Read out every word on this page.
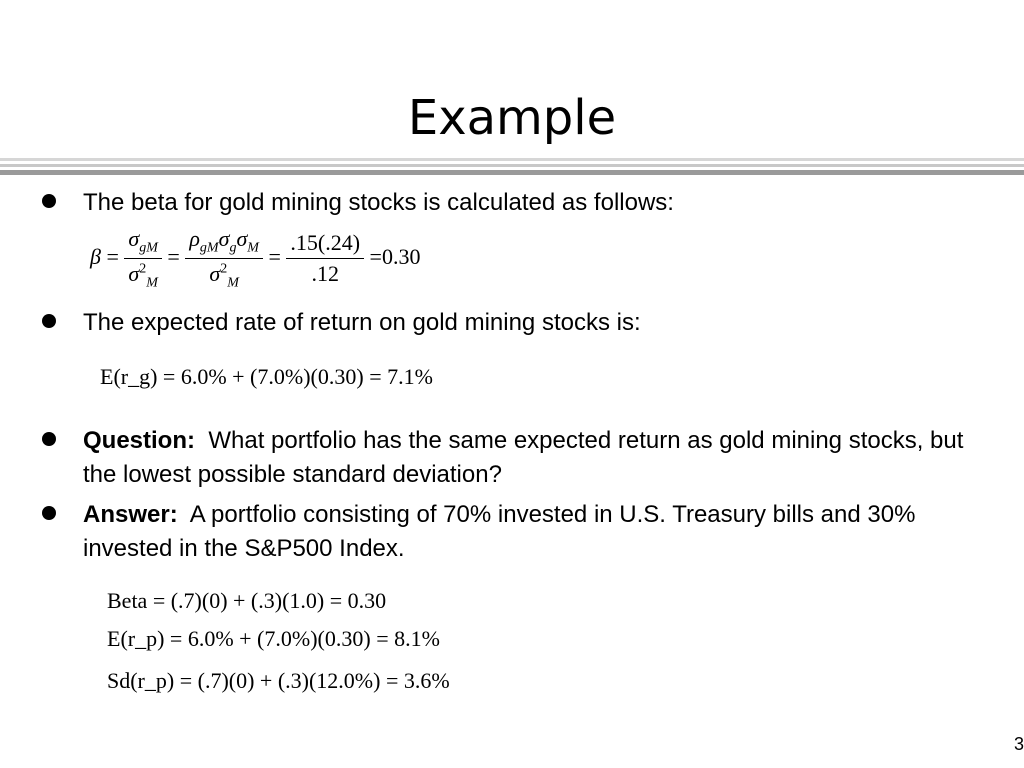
Example
The beta for gold mining stocks is calculated as follows:
$\beta = \frac{\sigma_{gM}}{\sigma^2_M} = \frac{\rho_{gM}\sigma_g\sigma_M}{\sigma^2_M} = \frac{.15(.24)}{.12} =0.30$
The expected rate of return on gold mining stocks is:
E(r_g) = 6.0% + (7.0%)(0.30) = 7.1%
Question: What portfolio has the same expected return as gold mining stocks, but the lowest possible standard deviation?
Answer: A portfolio consisting of 70% invested in U.S. Treasury bills and 30% invested in the S&P500 Index.
Beta = (.7)(0) + (.3)(1.0) = 0.30
E(r_p) = 6.0% + (7.0%)(0.30) = 8.1%
Sd(r_p) = (.7)(0) + (.3)(12.0%) = 3.6%
3
